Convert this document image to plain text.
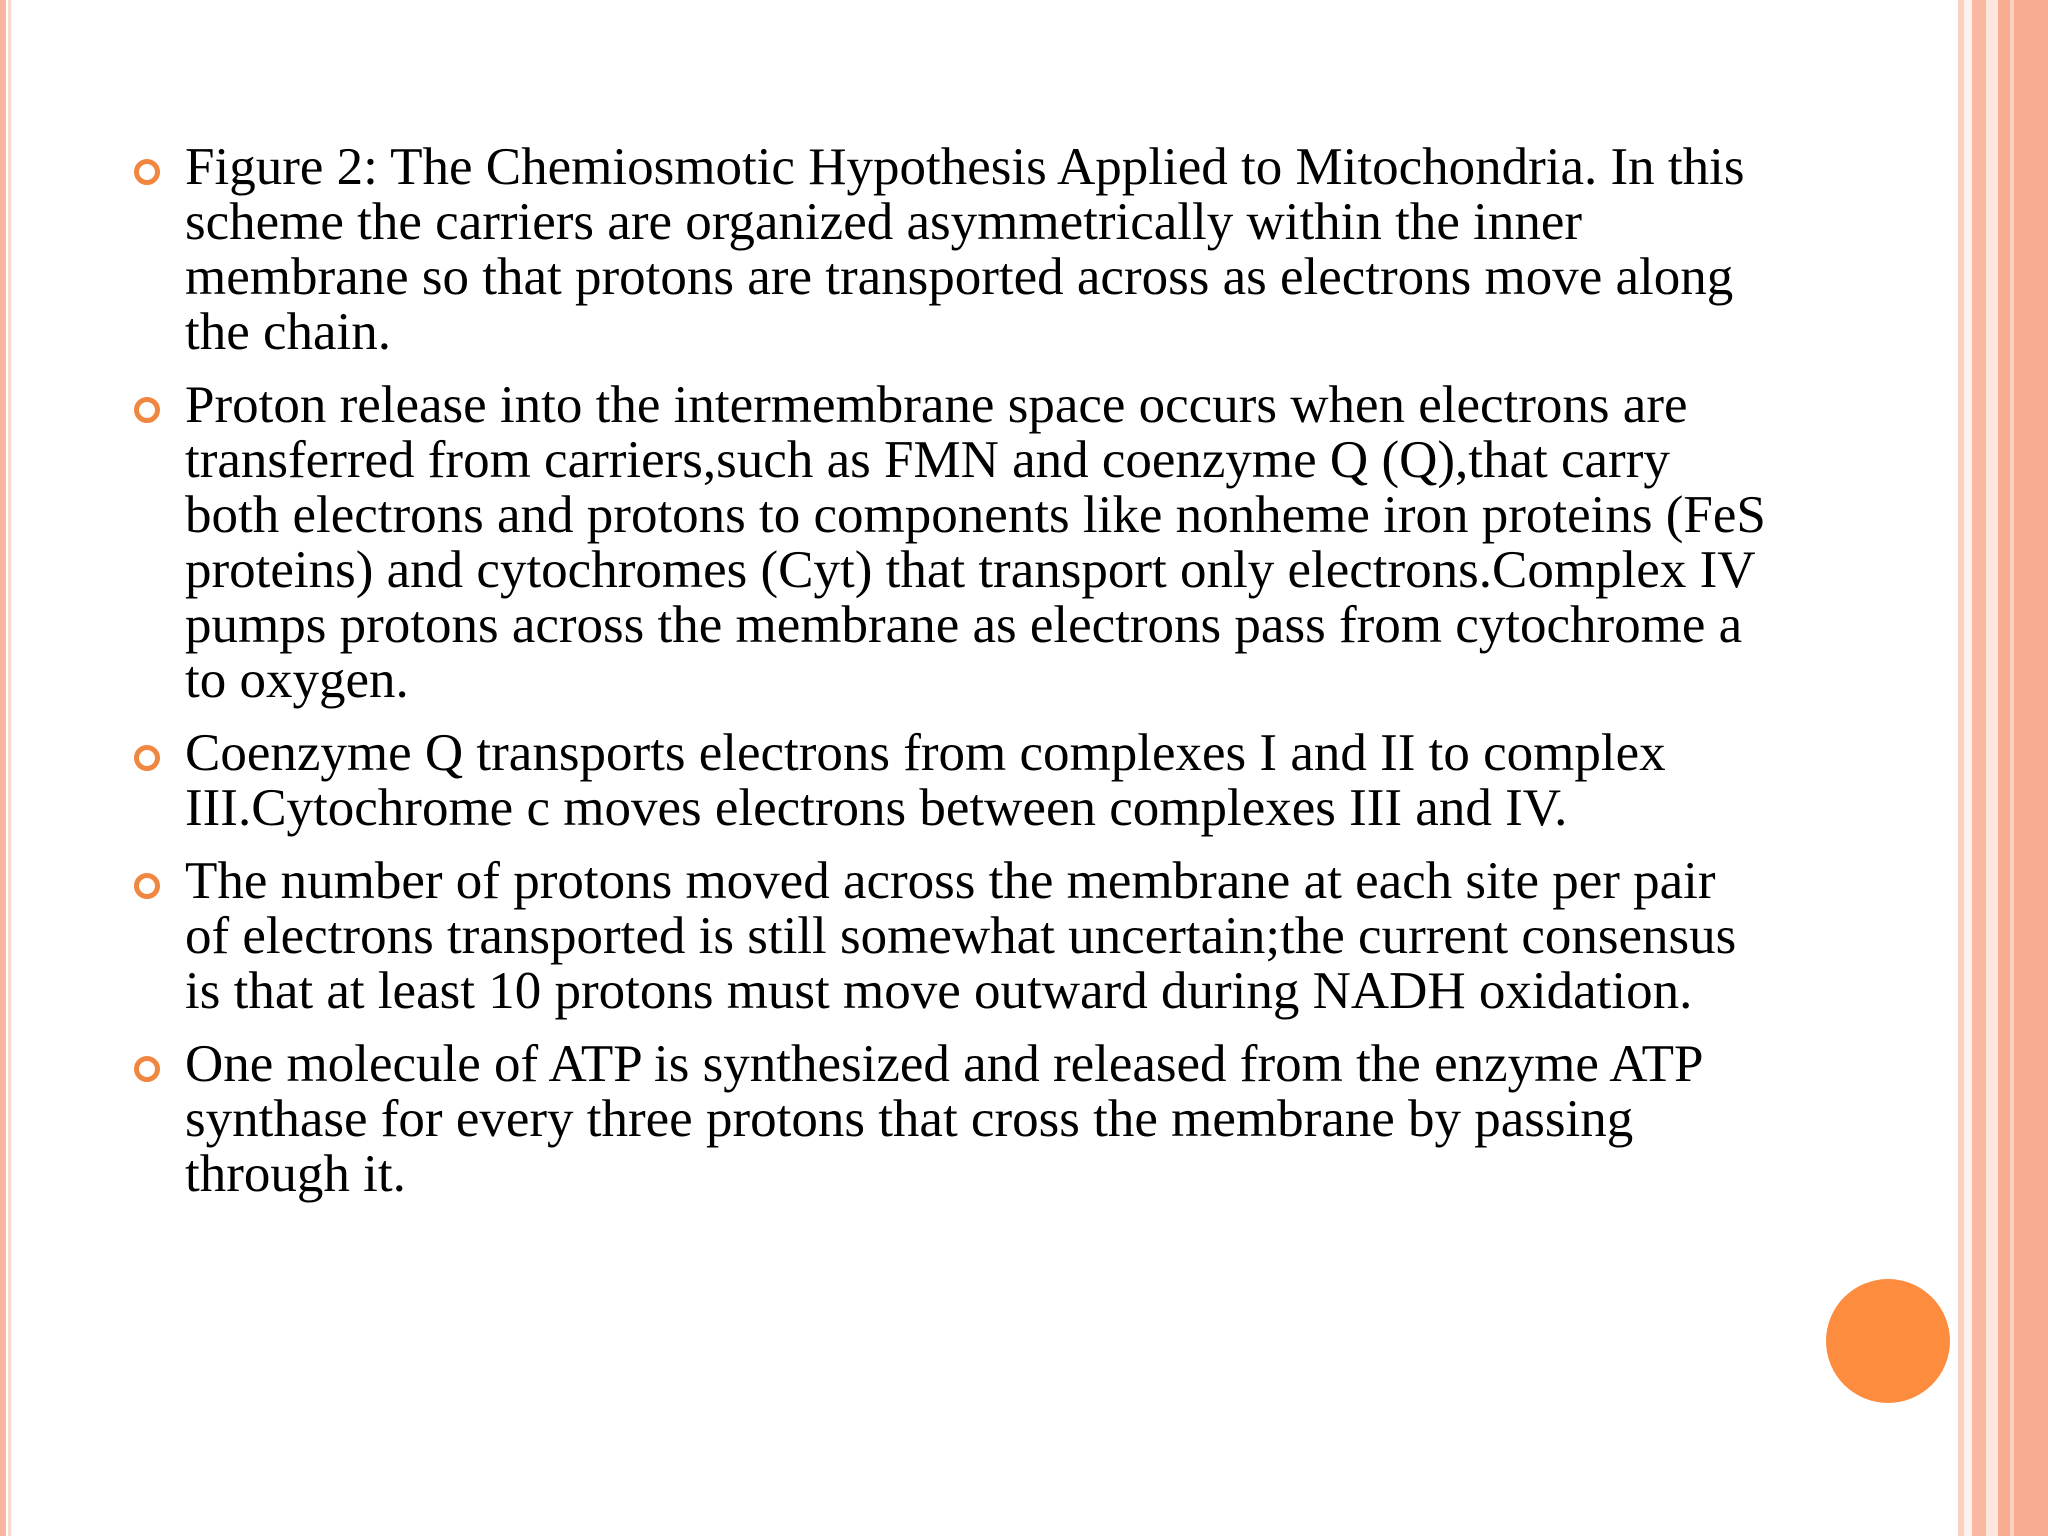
Figure 2: The Chemiosmotic Hypothesis Applied to Mitochondria. In this scheme the carriers are organized asymmetrically within the inner membrane so that protons are transported across as electrons move along the chain.
Proton release into the intermembrane space occurs when electrons are transferred from carriers,such as FMN and coenzyme Q (Q),that carry both electrons and protons to components like nonheme iron proteins (FeS proteins) and cytochromes (Cyt) that transport only electrons.Complex IV pumps protons across the membrane as electrons pass from cytochrome a to oxygen.
Coenzyme Q transports electrons from complexes I and II to complex III.Cytochrome c moves electrons between complexes III and IV.
The number of protons moved across the membrane at each site per pair of electrons transported is still somewhat uncertain;the current consensus is that at least 10 protons must move outward during NADH oxidation.
One molecule of ATP is synthesized and released from the enzyme ATP synthase for every three protons that cross the membrane by passing through it.
